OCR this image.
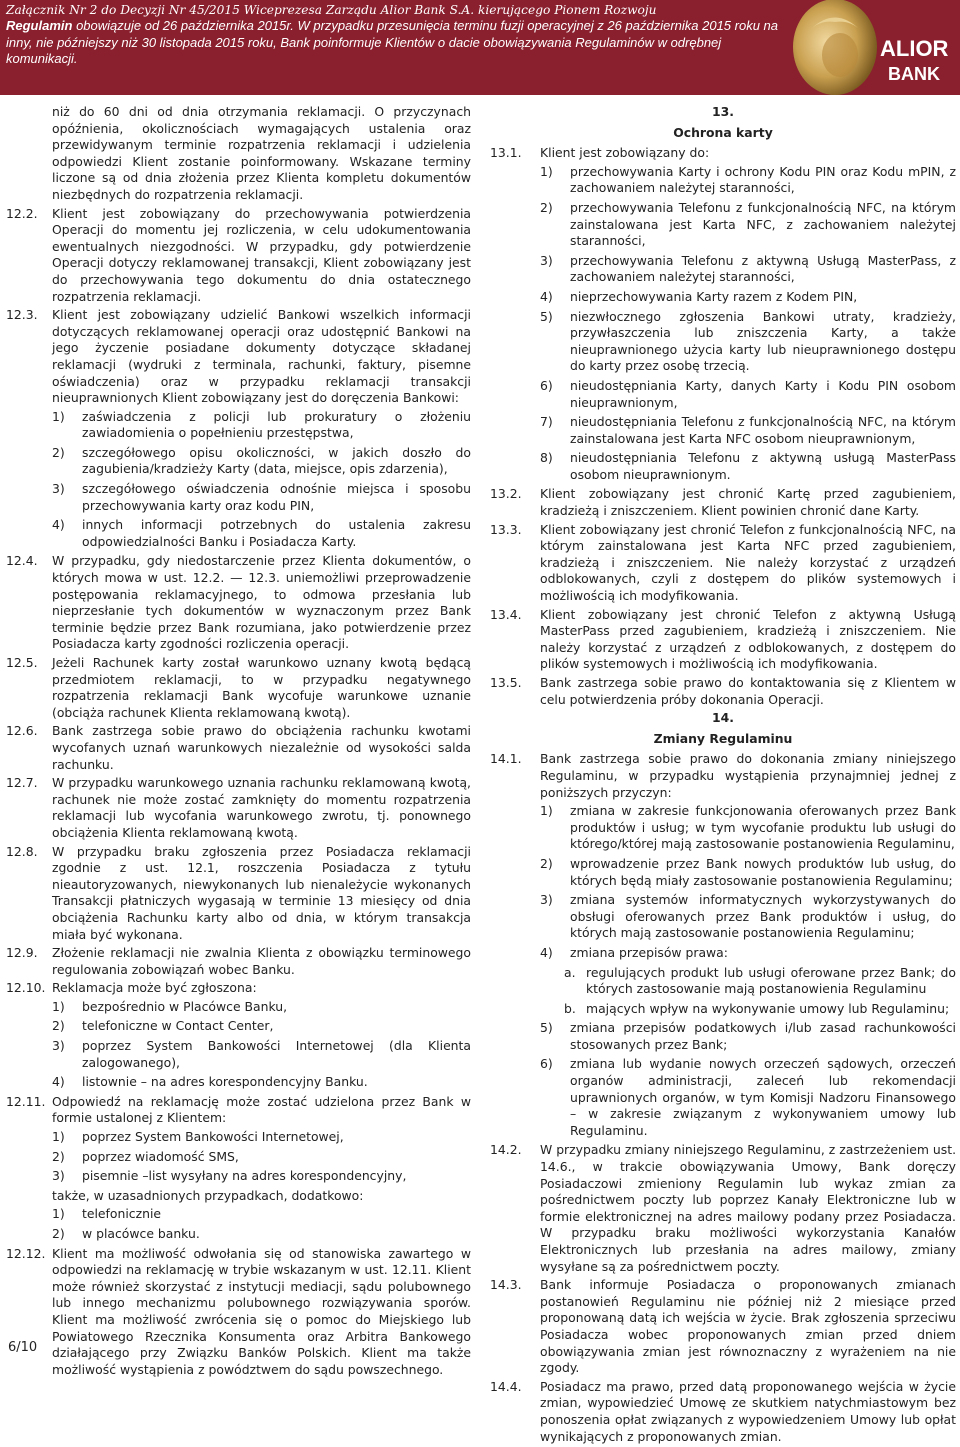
Załącznik Nr 2 do Decyzji Nr 45/2015 Wiceprezesa Zarządu Alior Bank S.A. kierującego Pionem Rozwoju
Regulamin obowiązuje od 26 października 2015r. W przypadku przesunięcia terminu fuzji operacyjnej z 26 października 2015 roku na inny, nie późniejszy niż 30 listopada 2015 roku, Bank poinformuje Klientów o dacie obowiązywania Regulaminów w odrębnej komunikacji.	ALIOR
BANK
niż do 60 dni od dnia otrzymania reklamacji. O przyczynach opóźnienia, okolicznościach wymagających ustalenia oraz przewidywanym terminie rozpatrzenia reklamacji i udzielenia odpowiedzi Klient zostanie poinformowany. Wskazane terminy liczone są od dnia złożenia przez Klienta kompletu dokumentów niezbędnych do rozpatrzenia reklamacji.
12.2. Klient jest zobowiązany do przechowywania potwierdzenia Operacji do momentu jej rozliczenia, w celu udokumentowania ewentualnych niezgodności. W przypadku, gdy potwierdzenie Operacji dotyczy reklamowanej transakcji, Klient zobowiązany jest do przechowywania tego dokumentu do dnia ostatecznego rozpatrzenia reklamacji.
12.3. Klient jest zobowiązany udzielić Bankowi wszelkich informacji dotyczących reklamowanej operacji oraz udostępnić Bankowi na jego życzenie posiadane dokumenty dotyczące składanej reklamacji (wydruki z terminala, rachunki, faktury, pisemne oświadczenia) oraz w przypadku reklamacji transakcji nieuprawnionych Klient zobowiązany jest do doręczenia Bankowi:
1) zaświadczenia z policji lub prokuratury o złożeniu zawiadomienia o popełnieniu przestępstwa,
2) szczegółowego opisu okoliczności, w jakich doszło do zagubienia/kradzieży Karty (data, miejsce, opis zdarzenia),
3) szczegółowego oświadczenia odnośnie miejsca i sposobu przechowywania karty oraz kodu PIN,
4) innych informacji potrzebnych do ustalenia zakresu odpowiedzialności Banku i Posiadacza Karty.
12.4. W przypadku, gdy niedostarczenie przez Klienta dokumentów, o których mowa w ust. 12.2. — 12.3. uniemożliwi przeprowadzenie postępowania reklamacyjnego, to odmowa przesłania lub nieprzesłanie tych dokumentów w wyznaczonym przez Bank terminie będzie przez Bank rozumiana, jako potwierdzenie przez Posiadacza karty zgodności rozliczenia operacji.
12.5. Jeżeli Rachunek karty został warunkowo uznany kwotą będącą przedmiotem reklamacji, to w przypadku negatywnego rozpatrzenia reklamacji Bank wycofuje warunkowe uznanie (obciąża rachunek Klienta reklamowaną kwotą).
12.6. Bank zastrzega sobie prawo do obciążenia rachunku kwotami wycofanych uznań warunkowych niezależnie od wysokości salda rachunku.
12.7. W przypadku warunkowego uznania rachunku reklamowaną kwotą, rachunek nie może zostać zamknięty do momentu rozpatrzenia reklamacji lub wycofania warunkowego zwrotu, tj. ponownego obciążenia Klienta reklamowaną kwotą.
12.8. W przypadku braku zgłoszenia przez Posiadacza reklamacji zgodnie z ust. 12.1, roszczenia Posiadacza z tytułu nieautoryzowanych, niewykonanych lub nienależycie wykonanych Transakcji płatniczych wygasają w terminie 13 miesięcy od dnia obciążenia Rachunku karty albo od dnia, w którym transakcja miała być wykonana.
12.9. Złożenie reklamacji nie zwalnia Klienta z obowiązku terminowego regulowania zobowiązań wobec Banku.
12.10. Reklamacja może być zgłoszona:
1) bezpośrednio w Placówce Banku,
2) telefoniczne w Contact Center,
3) poprzez System Bankowości Internetowej (dla Klienta zalogowanego),
4) listownie – na adres korespondencyjny Banku.
12.11. Odpowiedź na reklamację może zostać udzielona przez Bank w formie ustalonej z Klientem:
1) poprzez System Bankowości Internetowej,
2) poprzez wiadomość SMS,
3) pisemnie –list wysyłany na adres korespondencyjny,
także, w uzasadnionych przypadkach, dodatkowo:
1) telefonicznie
2) w placówce banku.
12.12. Klient ma możliwość odwołania się od stanowiska zawartego w odpowiedzi na reklamację w trybie wskazanym w ust. 12.11. Klient może również skorzystać z instytucji mediacji, sądu polubownego lub innego mechanizmu polubownego rozwiązywania sporów. Klient ma możliwość zwrócenia się o pomoc do Miejskiego lub Powiatowego Rzecznika Konsumenta oraz Arbitra Bankowego działającego przy Związku Banków Polskich. Klient ma także możliwość wystąpienia z powództwem do sądu powszechnego.
13.
Ochrona karty
13.1. Klient jest zobowiązany do:
1) przechowywania Karty i ochrony Kodu PIN oraz Kodu mPIN, z zachowaniem należytej staranności,
2) przechowywania Telefonu z funkcjonalnością NFC, na którym zainstalowana jest Karta NFC, z zachowaniem należytej staranności,
3) przechowywania Telefonu z aktywną Usługą MasterPass, z zachowaniem należytej staranności,
4) nieprzechowywania Karty razem z Kodem PIN,
5) niezwłocznego zgłoszenia Bankowi utraty, kradzieży, przywłaszczenia lub zniszczenia Karty, a także nieuprawnionego użycia karty lub nieuprawnionego dostępu do karty przez osobę trzecią.
6) nieudostępniania Karty, danych Karty i Kodu PIN osobom nieuprawnionym,
7) nieudostępniania Telefonu z funkcjonalnością NFC, na którym zainstalowana jest Karta NFC osobom nieuprawnionym,
8) nieudostępniania Telefonu z aktywną usługą MasterPass osobom nieuprawnionym.
13.2. Klient zobowiązany jest chronić Kartę przed zagubieniem, kradzieżą i zniszczeniem. Klient powinien chronić dane Karty.
13.3. Klient zobowiązany jest chronić Telefon z funkcjonalnością NFC, na którym zainstalowana jest Karta NFC przed zagubieniem, kradzieżą i zniszczeniem. Nie należy korzystać z urządzeń odblokowanych, czyli z dostępem do plików systemowych i możliwością ich modyfikowania.
13.4. Klient zobowiązany jest chronić Telefon z aktywną Usługą MasterPass przed zagubieniem, kradzieżą i zniszczeniem. Nie należy korzystać z urządzeń z odblokowanych, z dostępem do plików systemowych i możliwością ich modyfikowania.
13.5. Bank zastrzega sobie prawo do kontaktowania się z Klientem w celu potwierdzenia próby dokonania Operacji.
14.
Zmiany Regulaminu
14.1. Bank zastrzega sobie prawo do dokonania zmiany niniejszego Regulaminu, w przypadku wystąpienia przynajmniej jednej z poniższych przyczyn:
1) zmiana w zakresie funkcjonowania oferowanych przez Bank produktów i usług; w tym wycofanie produktu lub usługi do którego/której mają zastosowanie postanowienia Regulaminu,
2) wprowadzenie przez Bank nowych produktów lub usług, do których będą miały zastosowanie postanowienia Regulaminu;
3) zmiana systemów informatycznych wykorzystywanych do obsługi oferowanych przez Bank produktów i usług, do których mają zastosowanie postanowienia Regulaminu;
4) zmiana przepisów prawa:
a. regulujących produkt lub usługi oferowane przez Bank; do których zastosowanie mają postanowienia Regulaminu
b. mających wpływ na wykonywanie umowy lub Regulaminu;
5) zmiana przepisów podatkowych i/lub zasad rachunkowości stosowanych przez Bank;
6) zmiana lub wydanie nowych orzeczeń sądowych, orzeczeń organów administracji, zaleceń lub rekomendacji uprawnionych organów, w tym Komisji Nadzoru Finansowego – w zakresie związanym z wykonywaniem umowy lub Regulaminu.
14.2. W przypadku zmiany niniejszego Regulaminu, z zastrzeżeniem ust. 14.6., w trakcie obowiązywania Umowy, Bank doręczy Posiadaczowi zmieniony Regulamin lub wykaz zmian za pośrednictwem poczty lub poprzez Kanały Elektroniczne lub w formie elektronicznej na adres mailowy podany przez Posiadacza. W przypadku braku możliwości wykorzystania Kanałów Elektronicznych lub przesłania na adres mailowy, zmiany wysyłane są za pośrednictwem poczty.
14.3. Bank informuje Posiadacza o proponowanych zmianach postanowień Regulaminu nie później niż 2 miesiące przed proponowaną datą ich wejścia w życie. Brak zgłoszenia sprzeciwu Posiadacza wobec proponowanych zmian przed dniem obowiązywania zmian jest równoznaczny z wyrażeniem na nie zgody.
14.4. Posiadacz ma prawo, przed datą proponowanego wejścia w życie zmian, wypowiedzieć Umowę ze skutkiem natychmiastowym bez ponoszenia opłat związanych z wypowiedzeniem Umowy lub opłat wynikających z proponowanych zmian.
6/10
